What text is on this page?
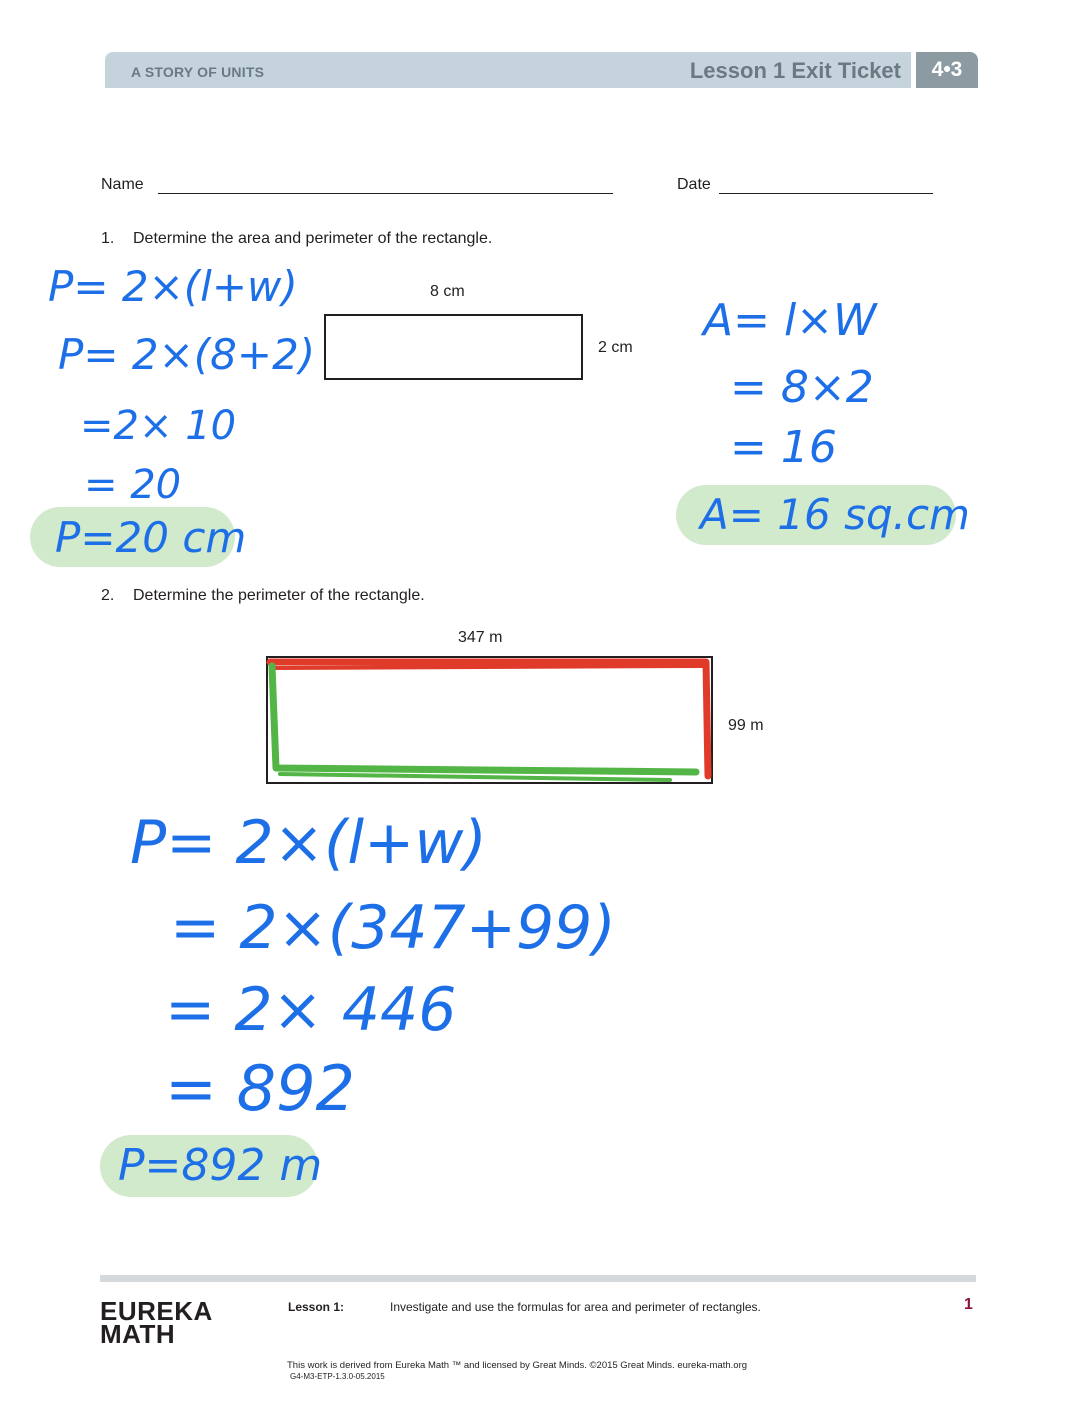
A STORY OF UNITS	Lesson 1 Exit Ticket	4•3
Name	Date
1. Determine the area and perimeter of the rectangle.
8 cm
2 cm
P= 2×(l+w)
P= 2×(8+2)
=2× 10
= 20
P=20 cm
A= l×W
= 8×2
= 16
A= 16 sq.cm
2. Determine the perimeter of the rectangle.
347 m
99 m
P= 2×(l+w)
= 2×(347+99)
= 2× 446
= 892
P=892 m
EUREKA
MATH
Lesson 1:	Investigate and use the formulas for area and perimeter of rectangles.	1
This work is derived from Eureka Math ™ and licensed by Great Minds. ©2015 Great Minds. eureka-math.org
G4-M3-ETP-1.3.0-05.2015
